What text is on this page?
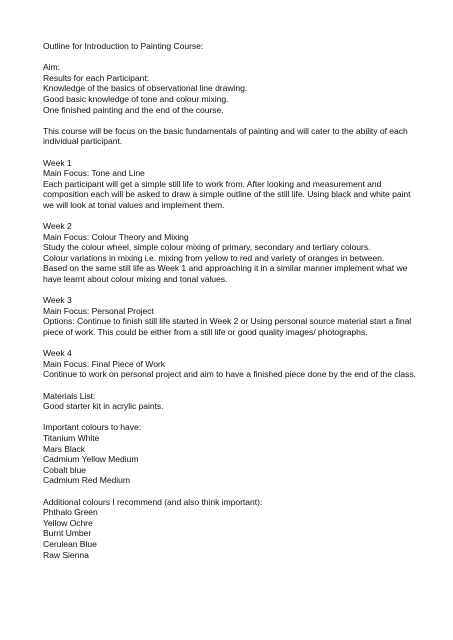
Outline for Introduction to Painting Course:
Aim:
Results for each Participant:
Knowledge of the basics of observational line drawing.
Good basic knowledge of tone and colour mixing.
One finished painting and the end of the course.
This course will be focus on the basic fundamentals of painting and will cater to the ability of each individual participant.
Week 1
Main Focus: Tone and Line
Each participant will get a simple still life to work from. After looking and measurement and composition each will be asked to draw a simple outline of the still life. Using black and white paint we will look at tonal values and implement them.
Week 2
Main Focus: Colour Theory and Mixing
Study the colour wheel, simple colour mixing of primary, secondary and tertiary colours.
Colour variations in mixing i.e. mixing from yellow to red and variety of oranges in between.
Based on the same still life as Week 1 and approaching it in a similar manner implement what we have learnt about colour mixing and tonal values.
Week 3
Main Focus: Personal Project
Options: Continue to finish still life started in Week 2 or Using personal source material start a final piece of work. This could be either from a still life or good quality images/ photographs.
Week 4
Main Focus: Final Piece of Work
Continue to work on personal project and aim to have a finished piece done by the end of the class.
Materials List:
Good starter kit in acrylic paints.
Important colours to have:
Titanium White
Mars Black
Cadmium Yellow Medium
Cobalt blue
Cadmium Red Medium
Additional colours I recommend (and also think important):
Phthalo Green
Yellow Ochre
Burnt Umber
Cerulean Blue
Raw Sienna
